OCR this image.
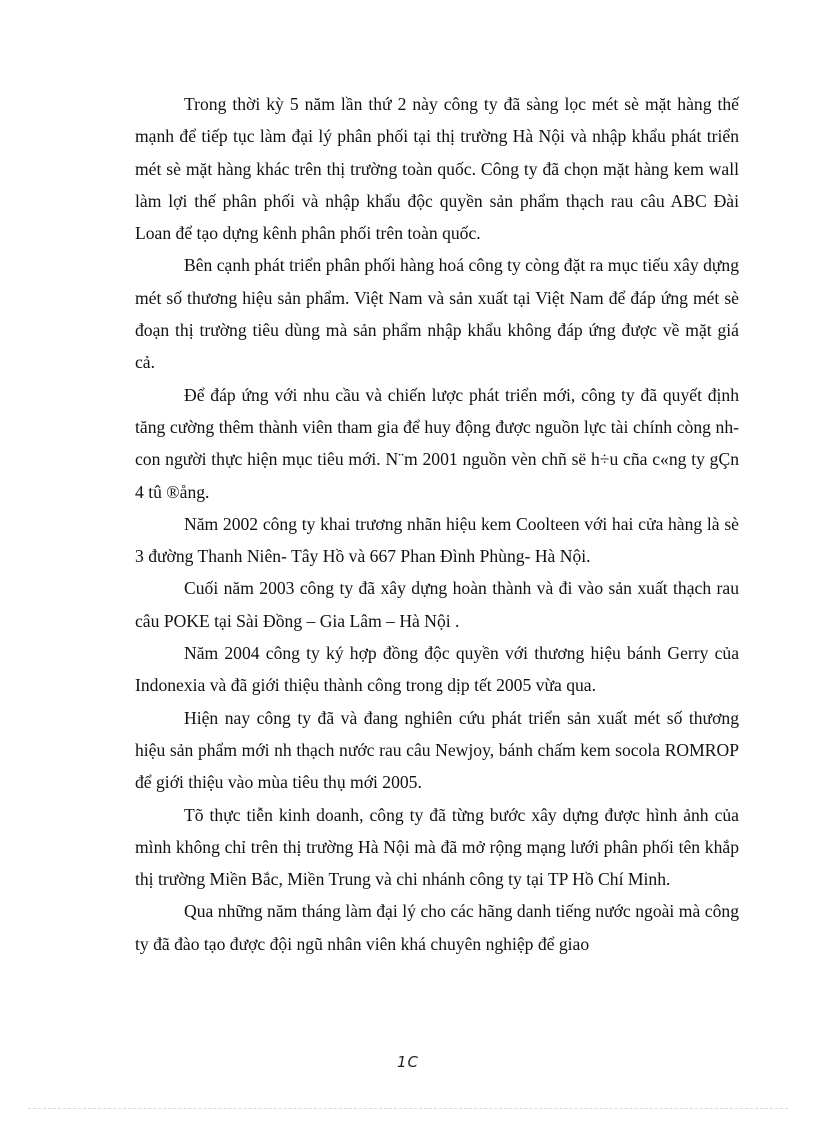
Trong thời kỳ 5 năm lần thứ 2 này công ty đã sàng lọc mét sè mặt hàng thế mạnh để tiếp tục làm đại lý phân phối tại thị trường Hà Nội và nhập khẩu phát triển mét sè mặt hàng khác trên thị trường toàn quốc. Công ty đã chọn mặt hàng kem wall làm lợi thế phân phối và nhập khẩu độc quyền sản phẩm thạch rau câu ABC Đài Loan để tạo dựng kênh phân phối trên toàn quốc.

Bên cạnh phát triển phân phối hàng hoá công ty còng đặt ra mục tiếu xây dựng mét số thương hiệu sản phẩm. Việt Nam và sản xuất tại Việt Nam để đáp ứng mét sè đoạn thị trường tiêu dùng mà sản phẩm nhập khẩu không đáp ứng được về mặt giá cả.

Để đáp ứng với nhu cầu và chiến lược phát triển mới, công ty đã quyết định tăng cường thêm thành viên tham gia để huy động được nguồn lực tài chính còng nh con người thực hiện mục tiêu mới. N¨m 2001 nguồn vèn chñ së h÷u cña c«ng ty gÇn 4 tû ®ång.

Năm 2002 công ty khai trương nhãn hiệu kem Coolteen với hai cửa hàng là sè 3 đường Thanh Niên- Tây Hồ và 667 Phan Đình Phùng- Hà Nội.

Cuối năm 2003 công ty đã xây dựng hoàn thành và đi vào sản xuất thạch rau câu POKE tại Sài Đồng – Gia Lâm – Hà Nội .

Năm 2004 công ty ký hợp đồng độc quyền với thương hiệu bánh Gerry của Indonexia và đã giới thiệu thành công trong dịp tết 2005 vừa qua.

Hiện nay công ty đã và đang nghiên cứu phát triển sản xuất mét số thương hiệu sản phẩm mới nh thạch nước rau câu Newjoy, bánh chấm kem socola ROMROP để giới thiệu vào mùa tiêu thụ mới 2005.

Tõ thực tiễn kinh doanh, công ty đã từng bước xây dựng được hình ảnh của mình không chỉ trên thị trường Hà Nội mà đã mở rộng mạng lưới phân phối tên khắp thị trường Miền Bắc, Miền Trung và chi nhánh công ty tại TP Hồ Chí Minh.

Qua những năm tháng làm đại lý cho các hãng danh tiếng nước ngoài mà công ty đã đào tạo được đội ngũ nhân viên khá chuyên nghiệp để giao

1C
